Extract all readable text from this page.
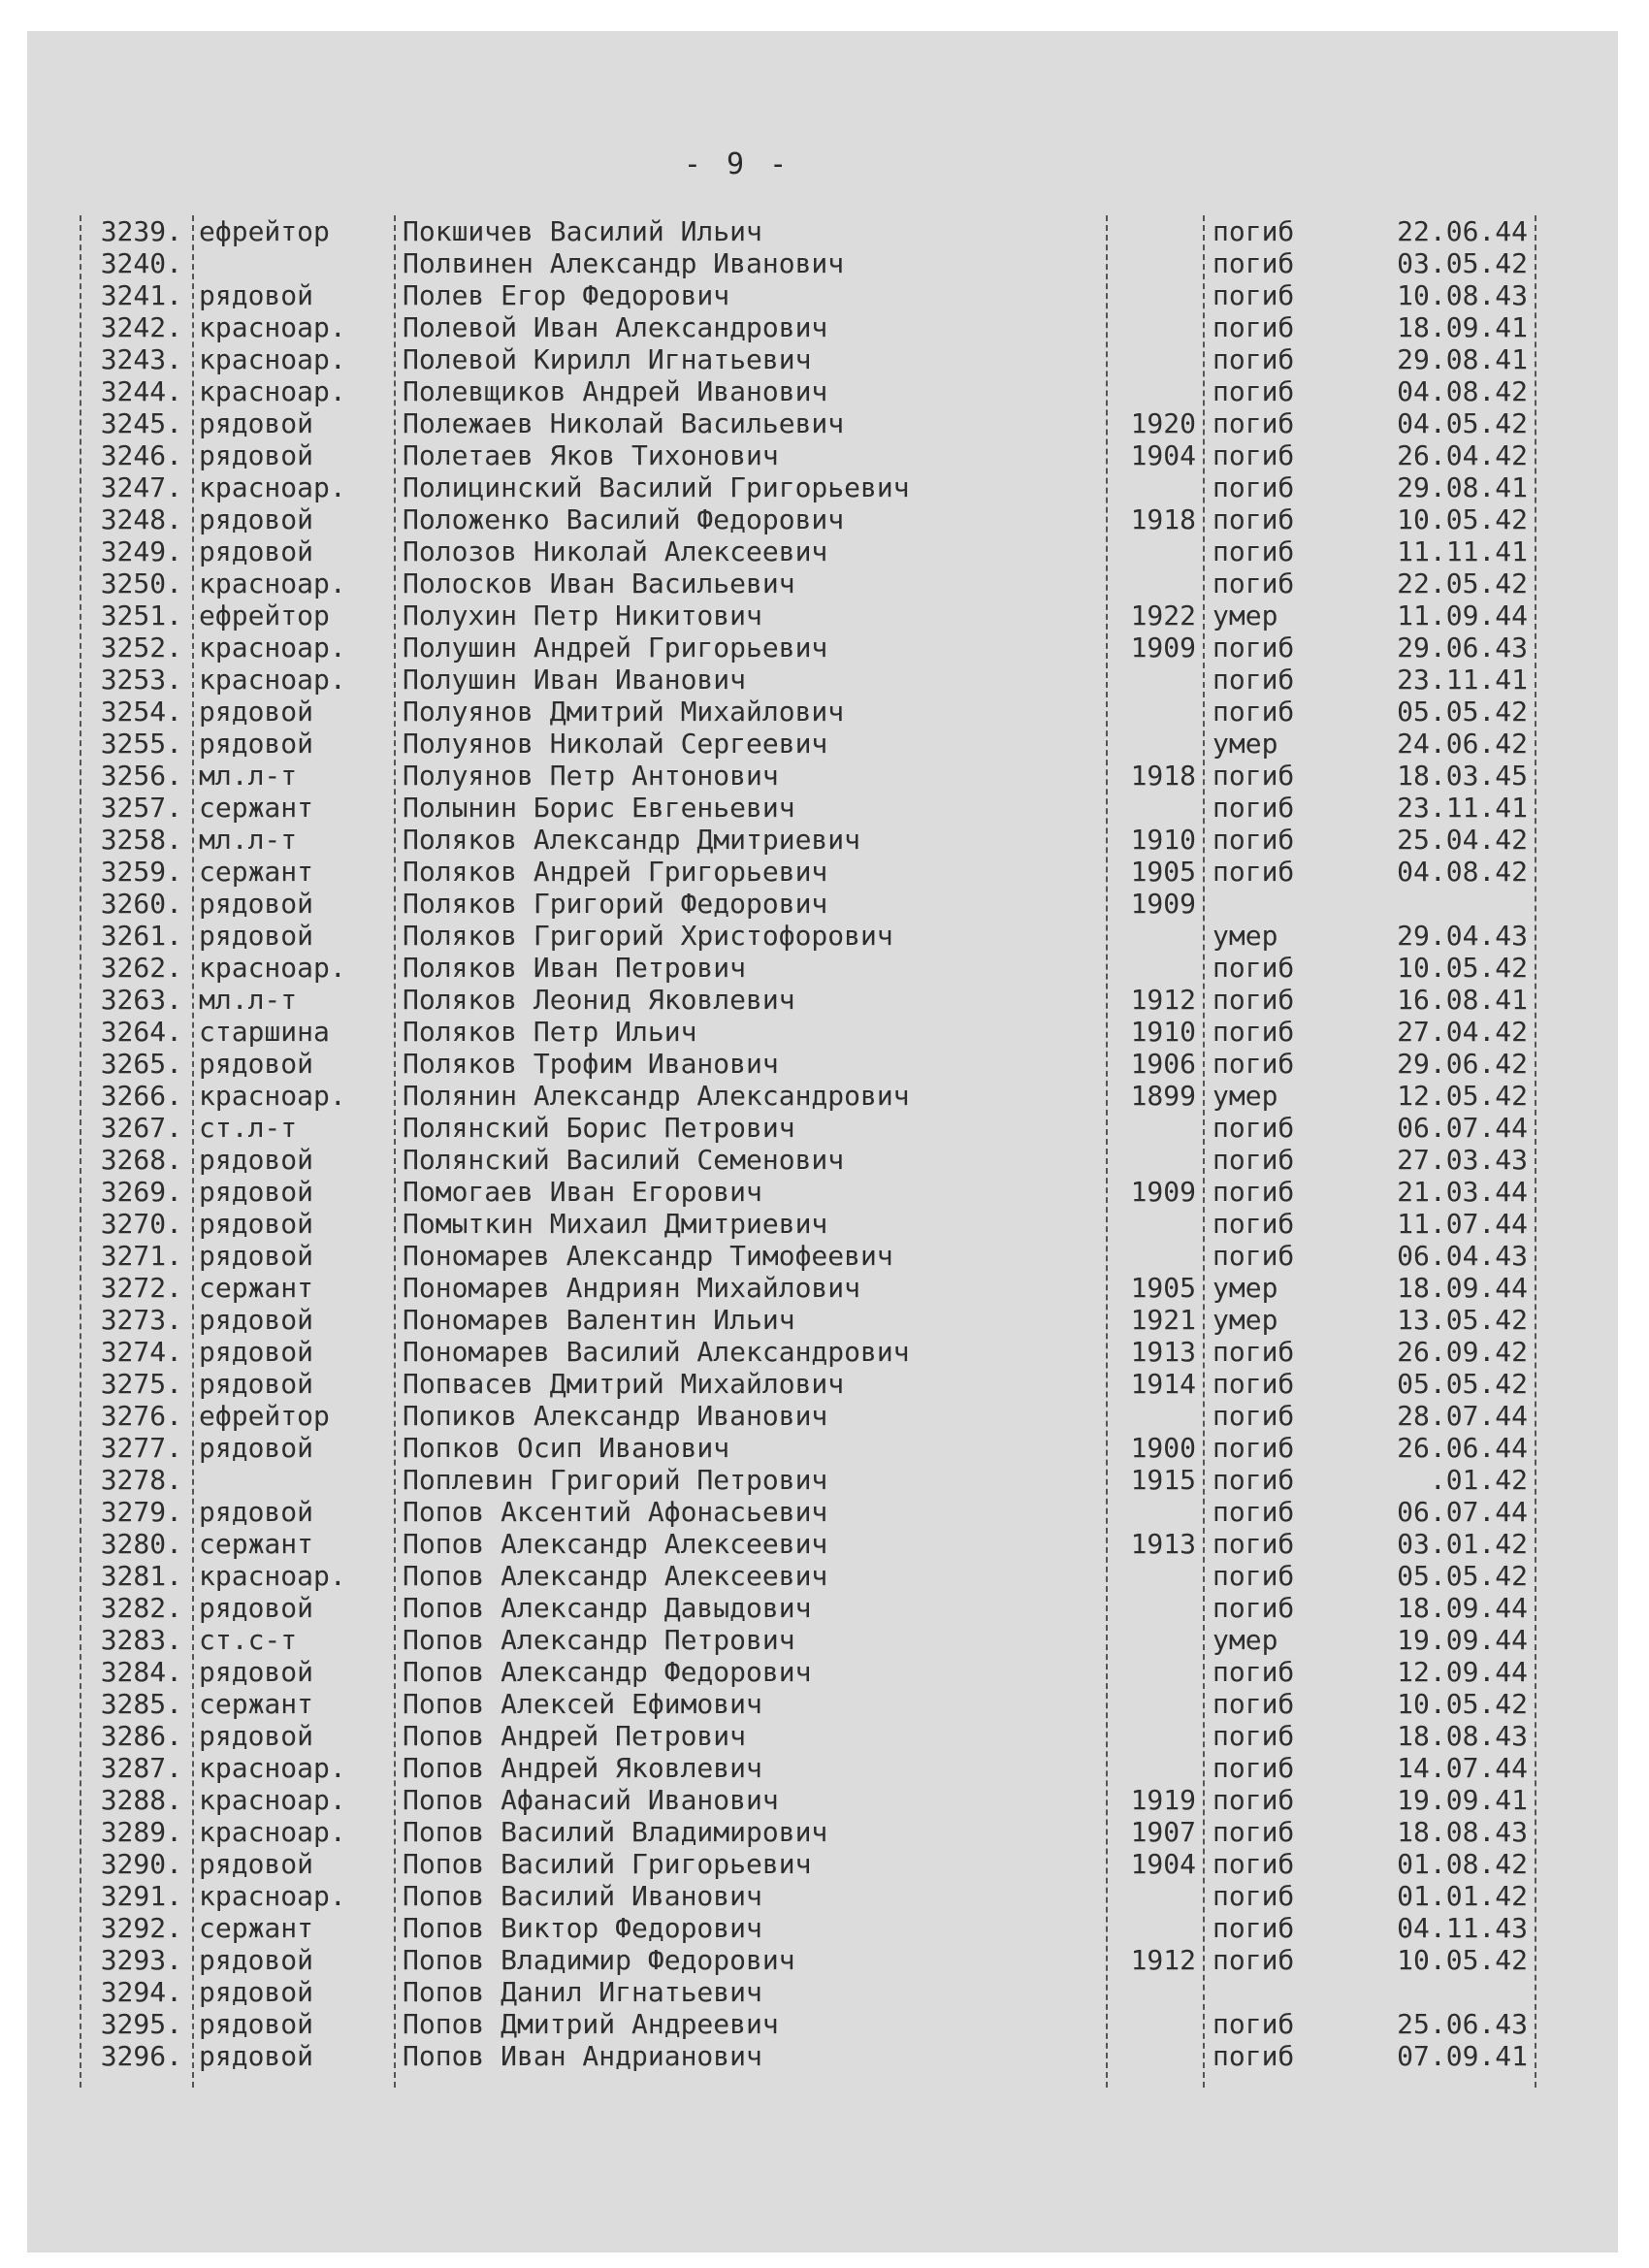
- 9 -
3239. ефрейтор	Покшичев Василий Ильич	погиб	22.06.44
3240.	Полвинен Александр Иванович	погиб	03.05.42
3241. рядовой	Полев Егор Федорович	погиб	10.08.43
3242. красноар.	Полевой Иван Александрович	погиб	18.09.41
3243. красноар.	Полевой Кирилл Игнатьевич	погиб	29.08.41
3244. красноар.	Полевщиков Андрей Иванович	погиб	04.08.42
3245. рядовой	Полежаев Николай Васильевич	1920 погиб	04.05.42
3246. рядовой	Полетаев Яков Тихонович	1904 погиб	26.04.42
3247. красноар.	Полицинский Василий Григорьевич	погиб	29.08.41
3248. рядовой	Положенко Василий Федорович	1918 погиб	10.05.42
3249. рядовой	Полозов Николай Алексеевич	погиб	11.11.41
3250. красноар.	Полосков Иван Васильевич	погиб	22.05.42
3251. ефрейтор	Полухин Петр Никитович	1922 умер	11.09.44
3252. красноар.	Полушин Андрей Григорьевич	1909 погиб	29.06.43
3253. красноар.	Полушин Иван Иванович	погиб	23.11.41
3254. рядовой	Полуянов Дмитрий Михайлович	погиб	05.05.42
3255. рядовой	Полуянов Николай Сергеевич	умер	24.06.42
3256. мл.л-т	Полуянов Петр Антонович	1918 погиб	18.03.45
3257. сержант	Полынин Борис Евгеньевич	погиб	23.11.41
3258. мл.л-т	Поляков Александр Дмитриевич	1910 погиб	25.04.42
3259. сержант	Поляков Андрей Григорьевич	1905 погиб	04.08.42
3260. рядовой	Поляков Григорий Федорович	1909
3261. рядовой	Поляков Григорий Христофорович	умер	29.04.43
3262. красноар.	Поляков Иван Петрович	погиб	10.05.42
3263. мл.л-т	Поляков Леонид Яковлевич	1912 погиб	16.08.41
3264. старшина	Поляков Петр Ильич	1910 погиб	27.04.42
3265. рядовой	Поляков Трофим Иванович	1906 погиб	29.06.42
3266. красноар.	Полянин Александр Александрович	1899 умер	12.05.42
3267. ст.л-т	Полянский Борис Петрович	погиб	06.07.44
3268. рядовой	Полянский Василий Семенович	погиб	27.03.43
3269. рядовой	Помогаев Иван Егорович	1909 погиб	21.03.44
3270. рядовой	Помыткин Михаил Дмитриевич	погиб	11.07.44
3271. рядовой	Пономарев Александр Тимофеевич	погиб	06.04.43
3272. сержант	Пономарев Андриян Михайлович	1905 умер	18.09.44
3273. рядовой	Пономарев Валентин Ильич	1921 умер	13.05.42
3274. рядовой	Пономарев Василий Александрович	1913 погиб	26.09.42
3275. рядовой	Попвасев Дмитрий Михайлович	1914 погиб	05.05.42
3276. ефрейтор	Попиков Александр Иванович	погиб	28.07.44
3277. рядовой	Попков Осип Иванович	1900 погиб	26.06.44
3278.	Поплевин Григорий Петрович	1915 погиб	.01.42
3279. рядовой	Попов Аксентий Афонасьевич	погиб	06.07.44
3280. сержант	Попов Александр Алексеевич	1913 погиб	03.01.42
3281. красноар.	Попов Александр Алексеевич	погиб	05.05.42
3282. рядовой	Попов Александр Давыдович	погиб	18.09.44
3283. ст.с-т	Попов Александр Петрович	умер	19.09.44
3284. рядовой	Попов Александр Федорович	погиб	12.09.44
3285. сержант	Попов Алексей Ефимович	погиб	10.05.42
3286. рядовой	Попов Андрей Петрович	погиб	18.08.43
3287. красноар.	Попов Андрей Яковлевич	погиб	14.07.44
3288. красноар.	Попов Афанасий Иванович	1919 погиб	19.09.41
3289. красноар.	Попов Василий Владимирович	1907 погиб	18.08.43
3290. рядовой	Попов Василий Григорьевич	1904 погиб	01.08.42
3291. красноар.	Попов Василий Иванович	погиб	01.01.42
3292. сержант	Попов Виктор Федорович	погиб	04.11.43
3293. рядовой	Попов Владимир Федорович	1912 погиб	10.05.42
3294. рядовой	Попов Данил Игнатьевич
3295. рядовой	Попов Дмитрий Андреевич	погиб	25.06.43
3296. рядовой	Попов Иван Андрианович	погиб	07.09.41
